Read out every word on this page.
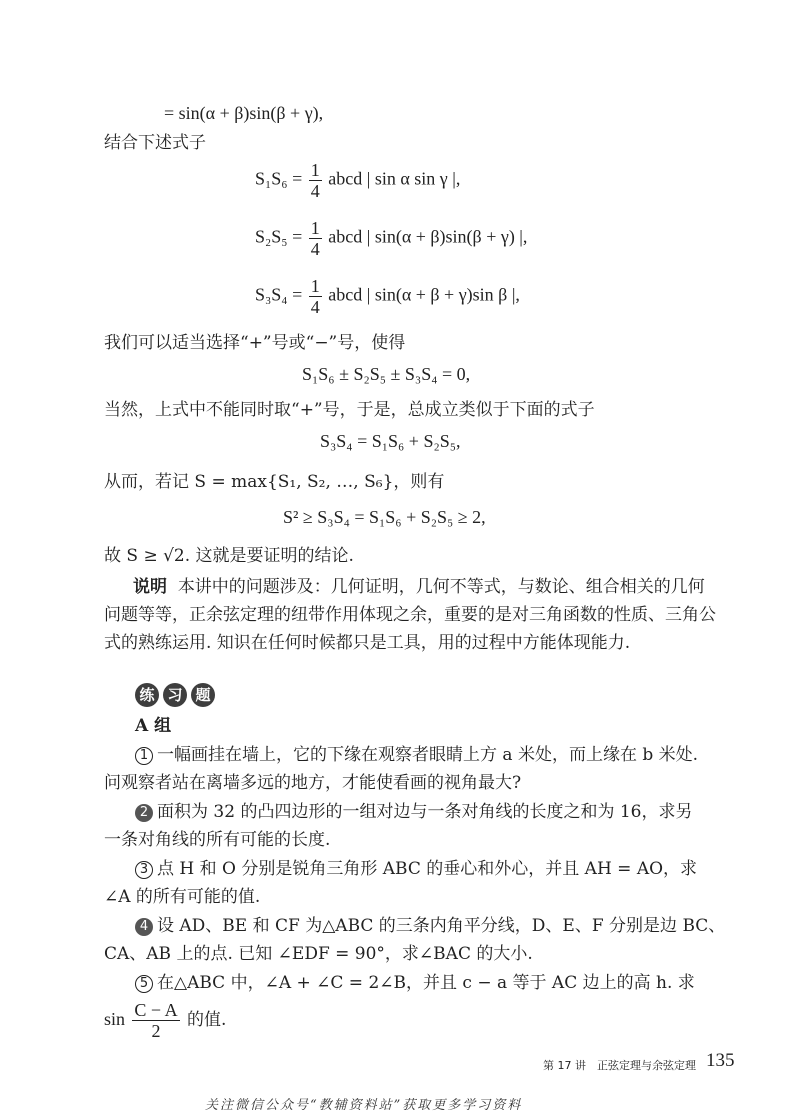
= sin(α + β)sin(β + γ),
结合下述式子
$S_1S_6 = \frac{1}{4}$ abcd | sin α sin γ |,
$S_2S_5 = \frac{1}{4}$ abcd | sin(α + β)sin(β + γ) |,
$S_3S_4 = \frac{1}{4}$ abcd | sin(α + β + γ)sin β |,
我们可以适当选择“+”号或“−”号，使得
S₁S₆ ± S₂S₅ ± S₃S₄ = 0,
当然，上式中不能同时取“+”号，于是，总成立类似于下面的式子
S₃S₄ = S₁S₆ + S₂S₅,
从而，若记 S = max{S₁, S₂, …, S₆}，则有
S² ≥ S₃S₄ = S₁S₆ + S₂S₅ ≥ 2,
故 S ≥ √2. 这就是要证明的结论.
说明 本讲中的问题涉及：几何证明，几何不等式，与数论、组合相关的几何
问题等等，正余弦定理的纽带作用体现之余，重要的是对三角函数的性质、三角公
式的熟练运用. 知识在任何时候都只是工具，用的过程中方能体现能力.
练 习 题
A 组
1 一幅画挂在墙上，它的下缘在观察者眼睛上方 a 米处，而上缘在 b 米处.
问观察者站在离墙多远的地方，才能使看画的视角最大?
2 面积为 32 的凸四边形的一组对边与一条对角线的长度之和为 16，求另
一条对角线的所有可能的长度.
3 点 H 和 O 分别是锐角三角形 ABC 的垂心和外心，并且 AH = AO，求
∠A 的所有可能的值.
4 设 AD、BE 和 CF 为△ABC 的三条内角平分线，D、E、F 分别是边 BC、
CA、AB 上的点. 已知 ∠EDF = 90°，求∠BAC 的大小.
5 在△ABC 中，∠A + ∠C = 2∠B，并且 c − a 等于 AC 边上的高 h. 求
$\sin \frac{C - A}{2}$ 的值.
第 17 讲　正弦定理与余弦定理 135
关注微信公众号“教辅资料站”获取更多学习资料
